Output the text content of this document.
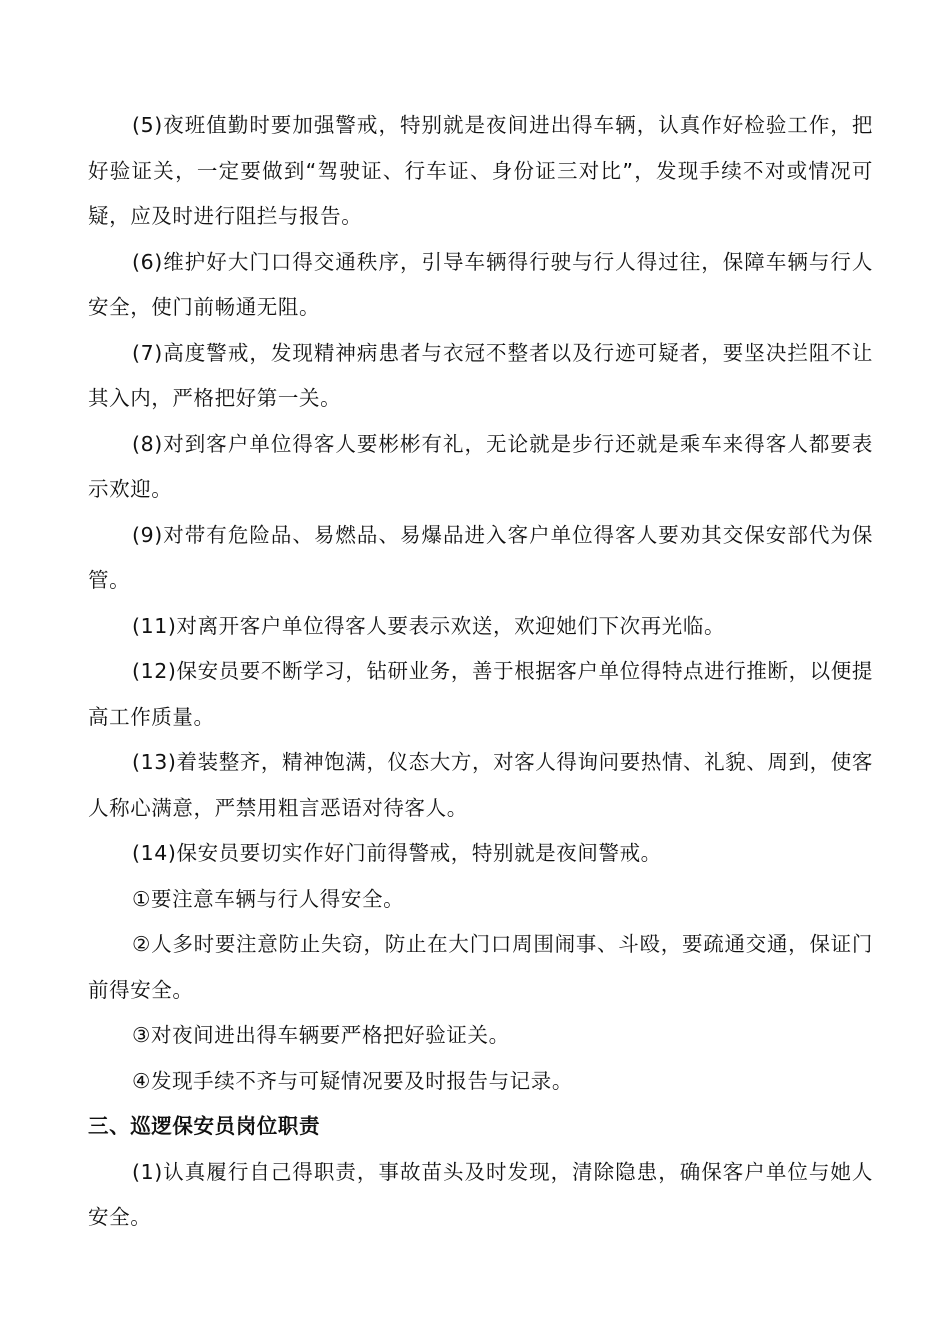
(5)夜班值勤时要加强警戒，特别就是夜间进出得车辆，认真作好检验工作，把好验证关，一定要做到“驾驶证、行车证、身份证三对比”，发现手续不对或情况可疑，应及时进行阻拦与报告。

(6)维护好大门口得交通秩序，引导车辆得行驶与行人得过往，保障车辆与行人安全，使门前畅通无阻。

(7)高度警戒，发现精神病患者与衣冠不整者以及行迹可疑者，要坚决拦阻不让其入内，严格把好第一关。

(8)对到客户单位得客人要彬彬有礼，无论就是步行还就是乘车来得客人都要表示欢迎。

(9)对带有危险品、易燃品、易爆品进入客户单位得客人要劝其交保安部代为保管。

(11)对离开客户单位得客人要表示欢送，欢迎她们下次再光临。

(12)保安员要不断学习，钻研业务，善于根据客户单位得特点进行推断，以便提高工作质量。

(13)着装整齐，精神饱满，仪态大方，对客人得询问要热情、礼貌、周到，使客人称心满意，严禁用粗言恶语对待客人。

(14)保安员要切实作好门前得警戒，特别就是夜间警戒。

①要注意车辆与行人得安全。

②人多时要注意防止失窃，防止在大门口周围闹事、斗殴，要疏通交通，保证门前得安全。

③对夜间进出得车辆要严格把好验证关。

④发现手续不齐与可疑情况要及时报告与记录。

三、巡逻保安员岗位职责

(1)认真履行自己得职责，事故苗头及时发现，清除隐患，确保客户单位与她人安全。
